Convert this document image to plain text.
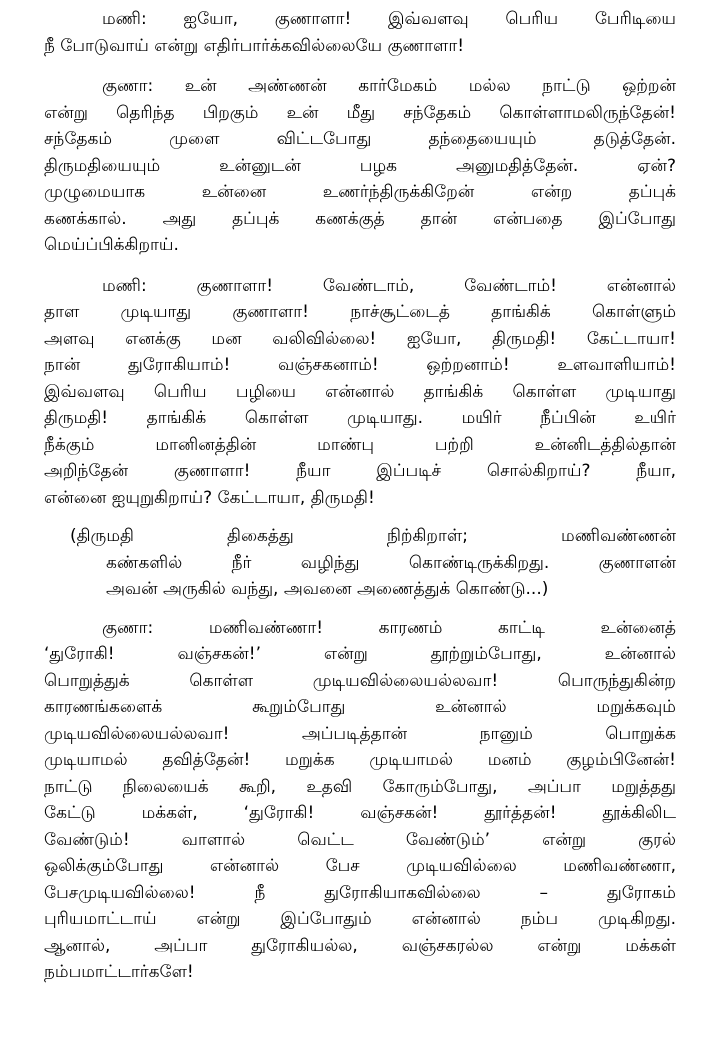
மணி: ஐயோ, குணாளா! இவ்வளவு பெரிய பேரிடியை
நீ போடுவாய் என்று எதிர்பார்க்கவில்லையே குணாளா!
குணா: உன் அண்ணன் கார்மேகம் மல்ல நாட்டு ஒற்றன்
என்று தெரிந்த பிறகும் உன் மீது சந்தேகம் கொள்ளாமலிருந்தேன்!
சந்தேகம் முளை விட்டபோது தந்தையையும் தடுத்தேன்.
திருமதியையும் உன்னுடன் பழக அனுமதித்தேன். ஏன்?
முழுமையாக உன்னை உணர்ந்திருக்கிறேன் என்ற தப்புக்
கணக்கால். அது தப்புக் கணக்குத் தான் என்பதை இப்போது
மெய்ப்பிக்கிறாய்.
மணி: குணாளா! வேண்டாம், வேண்டாம்! என்னால்
தாள முடியாது குணாளா! நாச்சூட்டைத் தாங்கிக் கொள்ளும்
அளவு எனக்கு மன வலிவில்லை! ஐயோ, திருமதி! கேட்டாயா!
நான் துரோகியாம்! வஞ்சகனாம்! ஒற்றனாம்! உளவாளியாம்!
இவ்வளவு பெரிய பழியை என்னால் தாங்கிக் கொள்ள முடியாது
திருமதி! தாங்கிக் கொள்ள முடியாது. மயிர் நீப்பின் உயிர்
நீக்கும் மானினத்தின் மாண்பு பற்றி உன்னிடத்தில்தான்
அறிந்தேன் குணாளா! நீயா இப்படிச் சொல்கிறாய்? நீயா,
என்னை ஐயுறுகிறாய்? கேட்டாயா, திருமதி!
(திருமதி திகைத்து நிற்கிறாள்; மணிவண்ணன்
கண்களில் நீர் வழிந்து கொண்டிருக்கிறது. குணாளன்
அவன் அருகில் வந்து, அவனை அணைத்துக் கொண்டு...)
குணா: மணிவண்ணா! காரணம் காட்டி உன்னைத்
‘துரோகி! வஞ்சகன்!’ என்று தூற்றும்போது, உன்னால்
பொறுத்துக் கொள்ள முடியவில்லையல்லவா! பொருந்துகின்ற
காரணங்களைக் கூறும்போது உன்னால் மறுக்கவும்
முடியவில்லையல்லவா! அப்படித்தான் நானும் பொறுக்க
முடியாமல் தவித்தேன்! மறுக்க முடியாமல் மனம் குழம்பினேன்!
நாட்டு நிலையைக் கூறி, உதவி கோரும்போது, அப்பா மறுத்தது
கேட்டு மக்கள், ‘துரோகி! வஞ்சகன்! தூர்த்தன்! தூக்கிலிட
வேண்டும்! வாளால் வெட்ட வேண்டும்’ என்று குரல்
ஒலிக்கும்போது என்னால் பேச முடியவில்லை மணிவண்ணா,
பேசமுடியவில்லை! நீ துரோகியாகவில்லை – துரோகம்
புரியமாட்டாய் என்று இப்போதும் என்னால் நம்ப முடிகிறது.
ஆனால், அப்பா துரோகியல்ல, வஞ்சகரல்ல என்று மக்கள்
நம்பமாட்டார்களே!
